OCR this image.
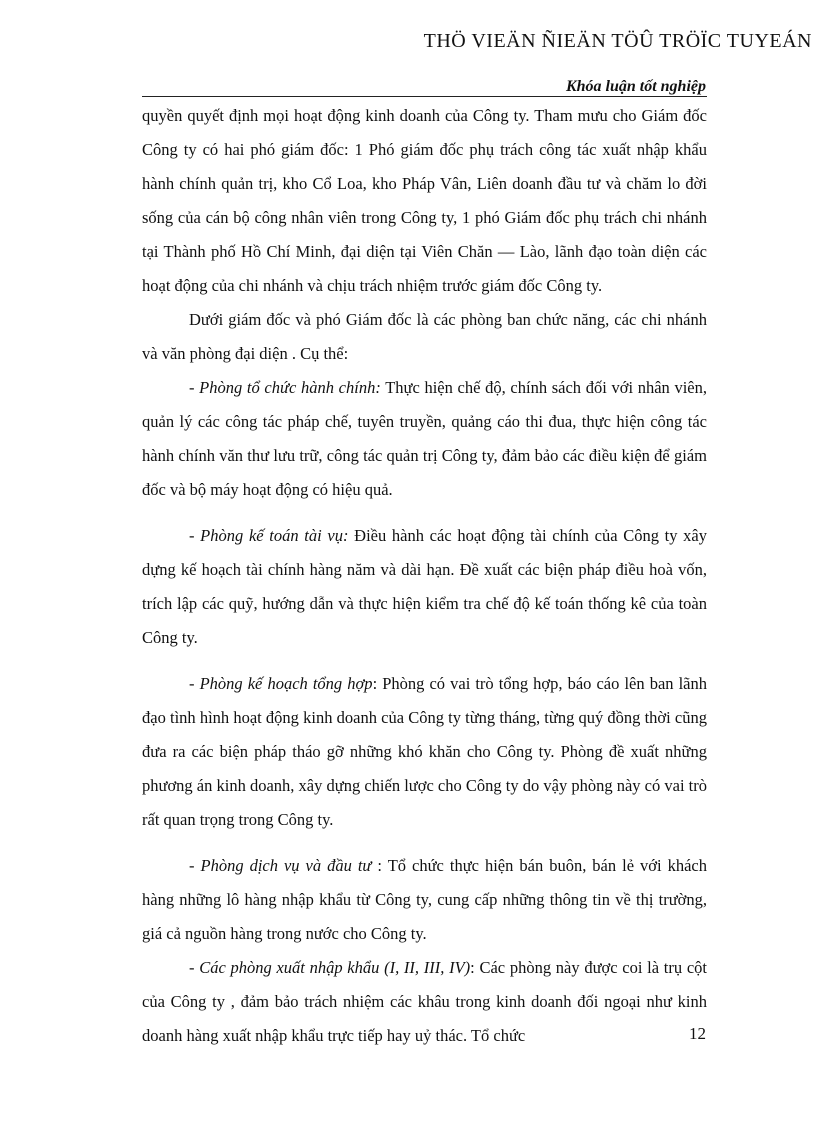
THÖ VIEÄN ÑIEÄN TÖÛ TRÖÏC TUYEÁN
Khóa luận tốt nghiệp

quyền quyết định mọi hoạt động kinh doanh của Công ty. Tham mưu cho Giám đốc Công ty có hai phó giám đốc: 1 Phó giám đốc phụ trách công tác xuất nhập khẩu hành chính quản trị, kho Cổ Loa, kho Pháp Vân, Liên doanh đầu tư và chăm lo đời sống của cán bộ công nhân viên trong Công ty, 1 phó Giám đốc phụ trách chi nhánh tại Thành phố Hồ Chí Minh, đại diện tại Viên Chăn — Lào, lãnh đạo toàn diện các hoạt động của chi nhánh và chịu trách nhiệm trước giám đốc Công ty.

Dưới giám đốc và phó Giám đốc là các phòng ban chức năng, các chi nhánh và văn phòng đại diện . Cụ thể:

- Phòng tổ chức hành chính: Thực hiện chế độ, chính sách đối với nhân viên, quản lý các công tác pháp chế, tuyên truyền, quảng cáo thi đua, thực hiện công tác hành chính văn thư lưu trữ, công tác quản trị Công ty, đảm bảo các điều kiện để giám đốc và bộ máy hoạt động có hiệu quả.

- Phòng kế toán tài vụ: Điều hành các hoạt động tài chính của Công ty xây dựng kế hoạch tài chính hàng năm và dài hạn. Đề xuất các biện pháp điều hoà vốn, trích lập các quỹ, hướng dẫn và thực hiện kiểm tra chế độ kế toán thống kê của toàn Công ty.

- Phòng kế hoạch tổng hợp: Phòng có vai trò tổng hợp, báo cáo lên ban lãnh đạo tình hình hoạt động kinh doanh của Công ty từng tháng, từng quý đồng thời cũng đưa ra các biện pháp tháo gỡ những khó khăn cho Công ty. Phòng đề xuất những phương án kinh doanh, xây dựng chiến lược cho Công ty do vậy phòng này có vai trò rất quan trọng trong Công ty.

- Phòng dịch vụ và đầu tư : Tổ chức thực hiện bán buôn, bán lẻ với khách hàng những lô hàng nhập khẩu từ Công ty, cung cấp những thông tin về thị trường, giá cả nguồn hàng trong nước cho Công ty.

- Các phòng xuất nhập khẩu (I, II, III, IV): Các phòng này được coi là trụ cột của Công ty , đảm bảo trách nhiệm các khâu trong kinh doanh đối ngoại như kinh doanh hàng xuất nhập khẩu trực tiếp hay uỷ thác. Tổ chức	12
